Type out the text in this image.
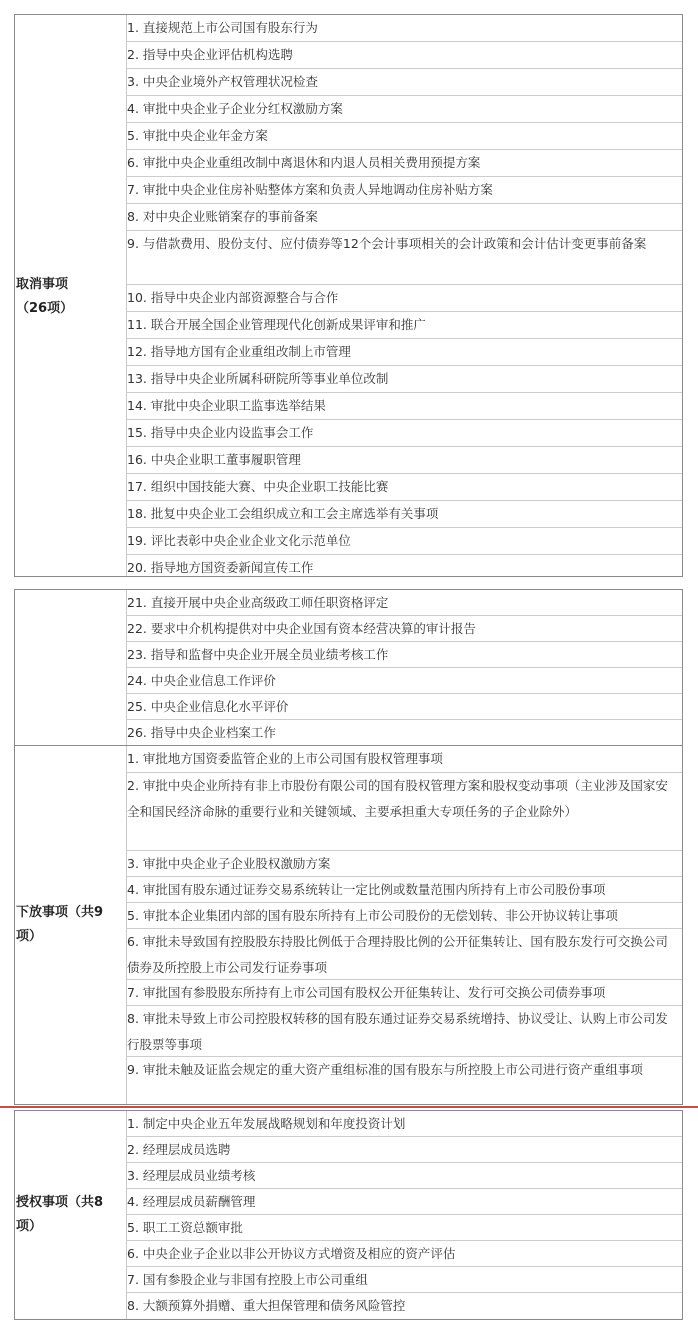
取消事项
（26项）
1. 直接规范上市公司国有股东行为
2. 指导中央企业评估机构选聘
3. 中央企业境外产权管理状况检查
4. 审批中央企业子企业分红权激励方案
5. 审批中央企业年金方案
6. 审批中央企业重组改制中离退休和内退人员相关费用预提方案
7. 审批中央企业住房补贴整体方案和负责人异地调动住房补贴方案
8. 对中央企业账销案存的事前备案
9. 与借款费用、股份支付、应付债券等12个会计事项相关的会计政策和会计估计变更事前备案
10. 指导中央企业内部资源整合与合作
11. 联合开展全国企业管理现代化创新成果评审和推广
12. 指导地方国有企业重组改制上市管理
13. 指导中央企业所属科研院所等事业单位改制
14. 审批中央企业职工监事选举结果
15. 指导中央企业内设监事会工作
16. 中央企业职工董事履职管理
17. 组织中国技能大赛、中央企业职工技能比赛
18. 批复中央企业工会组织成立和工会主席选举有关事项
19. 评比表彰中央企业企业文化示范单位
20. 指导地方国资委新闻宣传工作
21. 直接开展中央企业高级政工师任职资格评定
22. 要求中介机构提供对中央企业国有资本经营决算的审计报告
23. 指导和监督中央企业开展全员业绩考核工作
24. 中央企业信息工作评价
25. 中央企业信息化水平评价
26. 指导中央企业档案工作
下放事项（共9
项）
1. 审批地方国资委监管企业的上市公司国有股权管理事项
2. 审批中央企业所持有非上市股份有限公司的国有股权管理方案和股权变动事项（主业涉及国家安全和国民经济命脉的重要行业和关键领域、主要承担重大专项任务的子企业除外）
3. 审批中央企业子企业股权激励方案
4. 审批国有股东通过证券交易系统转让一定比例或数量范围内所持有上市公司股份事项
5. 审批本企业集团内部的国有股东所持有上市公司股份的无偿划转、非公开协议转让事项
6. 审批未导致国有控股股东持股比例低于合理持股比例的公开征集转让、国有股东发行可交换公司债券及所控股上市公司发行证券事项
7. 审批国有参股股东所持有上市公司国有股权公开征集转让、发行可交换公司债券事项
8. 审批未导致上市公司控股权转移的国有股东通过证券交易系统增持、协议受让、认购上市公司发行股票等事项
9. 审批未触及证监会规定的重大资产重组标准的国有股东与所控股上市公司进行资产重组事项
授权事项（共8
项）
1. 制定中央企业五年发展战略规划和年度投资计划
2. 经理层成员选聘
3. 经理层成员业绩考核
4. 经理层成员薪酬管理
5. 职工工资总额审批
6. 中央企业子企业以非公开协议方式增资及相应的资产评估
7. 国有参股企业与非国有控股上市公司重组
8. 大额预算外捐赠、重大担保管理和债务风险管控
